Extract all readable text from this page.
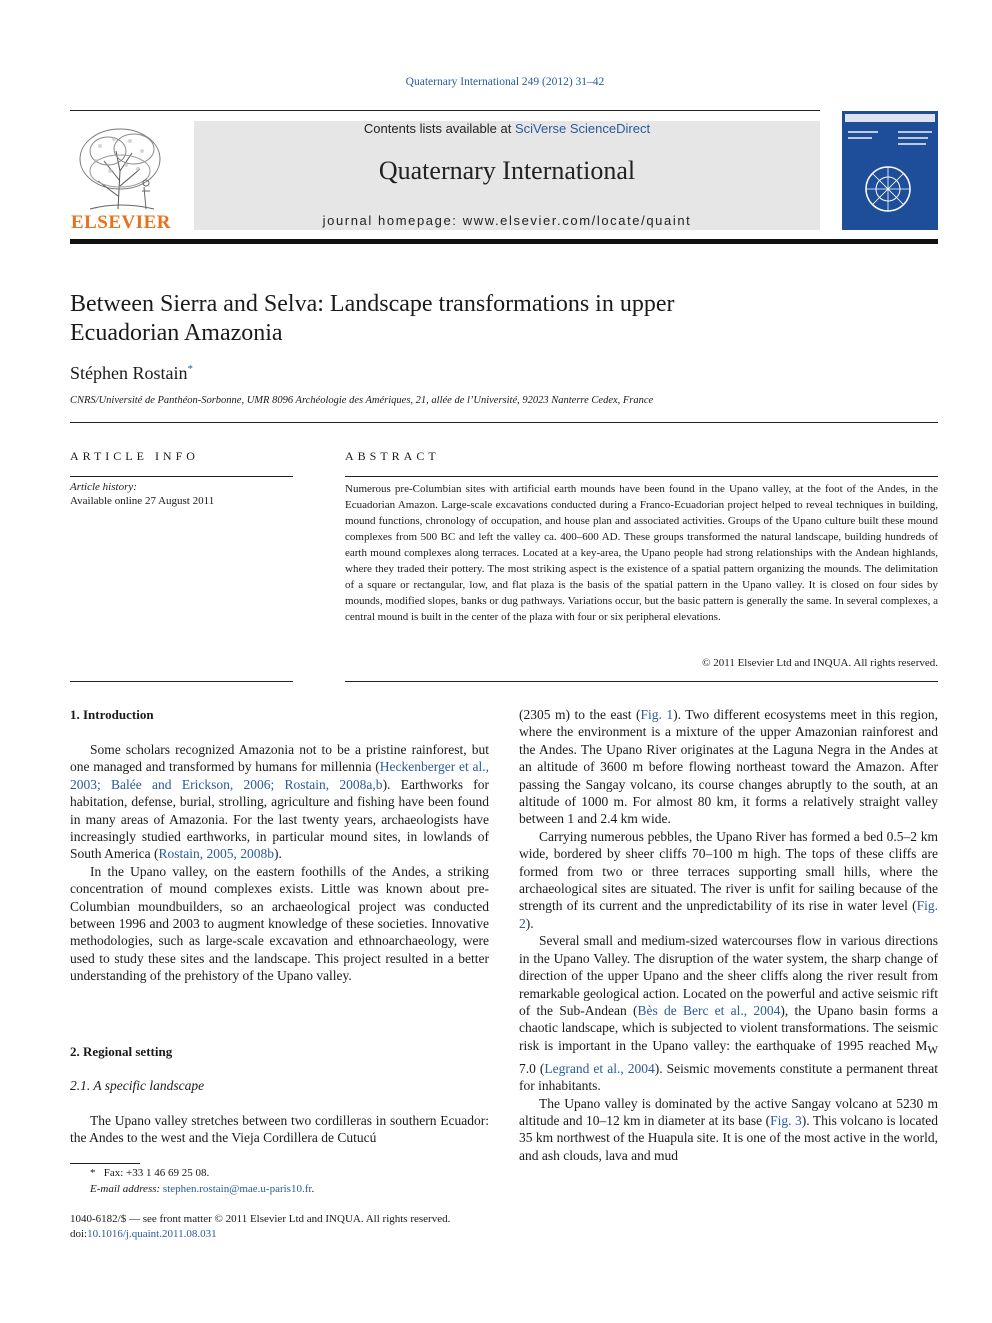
Quaternary International 249 (2012) 31–42
ELSEVIER
Contents lists available at SciVerse ScienceDirect
Quaternary International
journal homepage: www.elsevier.com/locate/quaint
Between Sierra and Selva: Landscape transformations in upper
Ecuadorian Amazonia
Stéphen Rostain*
CNRS/Université de Panthéon-Sorbonne, UMR 8096 Archéologie des Amériques, 21, allée de l’Université, 92023 Nanterre Cedex, France
ARTICLE INFO	ABSTRACT
Article history:
Available online 27 August 2011
Numerous pre-Columbian sites with artificial earth mounds have been found in the Upano valley, at the foot of the Andes, in the Ecuadorian Amazon. Large-scale excavations conducted during a Franco-Ecuadorian project helped to reveal techniques in building, mound functions, chronology of occupation, and house plan and associated activities. Groups of the Upano culture built these mound complexes from 500 BC and left the valley ca. 400–600 AD. These groups transformed the natural landscape, building hundreds of earth mound complexes along terraces. Located at a key-area, the Upano people had strong relationships with the Andean highlands, where they traded their pottery. The most striking aspect is the existence of a spatial pattern organizing the mounds. The delimitation of a square or rectangular, low, and flat plaza is the basis of the spatial pattern in the Upano valley. It is closed on four sides by mounds, modified slopes, banks or dug pathways. Variations occur, but the basic pattern is generally the same. In several complexes, a central mound is built in the center of the plaza with four or six peripheral elevations.
© 2011 Elsevier Ltd and INQUA. All rights reserved.
1. Introduction

Some scholars recognized Amazonia not to be a pristine rainforest, but one managed and transformed by humans for millennia (Heckenberger et al., 2003; Balée and Erickson, 2006; Rostain, 2008a,b). Earthworks for habitation, defense, burial, strolling, agriculture and fishing have been found in many areas of Amazonia. For the last twenty years, archaeologists have increasingly studied earthworks, in particular mound sites, in lowlands of South America (Rostain, 2005, 2008b).

In the Upano valley, on the eastern foothills of the Andes, a striking concentration of mound complexes exists. Little was known about pre-Columbian moundbuilders, so an archaeological project was conducted between 1996 and 2003 to augment knowledge of these societies. Innovative methodologies, such as large-scale excavation and ethnoarchaeology, were used to study these sites and the landscape. This project resulted in a better understanding of the prehistory of the Upano valley.

2. Regional setting
2.1. A specific landscape

The Upano valley stretches between two cordilleras in southern Ecuador: the Andes to the west and the Vieja Cordillera de Cutucú

(2305 m) to the east (Fig. 1). Two different ecosystems meet in this region, where the environment is a mixture of the upper Amazonian rainforest and the Andes. The Upano River originates at the Laguna Negra in the Andes at an altitude of 3600 m before flowing northeast toward the Amazon. After passing the Sangay volcano, its course changes abruptly to the south, at an altitude of 1000 m. For almost 80 km, it forms a relatively straight valley between 1 and 2.4 km wide.

Carrying numerous pebbles, the Upano River has formed a bed 0.5–2 km wide, bordered by sheer cliffs 70–100 m high. The tops of these cliffs are formed from two or three terraces supporting small hills, where the archaeological sites are situated. The river is unfit for sailing because of the strength of its current and the unpredictability of its rise in water level (Fig. 2).

Several small and medium-sized watercourses flow in various directions in the Upano Valley. The disruption of the water system, the sharp change of direction of the upper Upano and the sheer cliffs along the river result from remarkable geological action. Located on the powerful and active seismic rift of the Sub-Andean (Bès de Berc et al., 2004), the Upano basin forms a chaotic landscape, which is subjected to violent transformations. The seismic risk is important in the Upano valley: the earthquake of 1995 reached $M_W$ 7.0 (Legrand et al., 2004). Seismic movements constitute a permanent threat for inhabitants.

The Upano valley is dominated by the active Sangay volcano at 5230 m altitude and 10–12 km in diameter at its base (Fig. 3). This volcano is located 35 km northwest of the Huapula site. It is one of the most active in the world, and ash clouds, lava and mud

* Fax: +33 1 46 69 25 08.
E-mail address: stephen.rostain@mae.u-paris10.fr.
1040-6182/$ — see front matter © 2011 Elsevier Ltd and INQUA. All rights reserved.
doi:10.1016/j.quaint.2011.08.031
